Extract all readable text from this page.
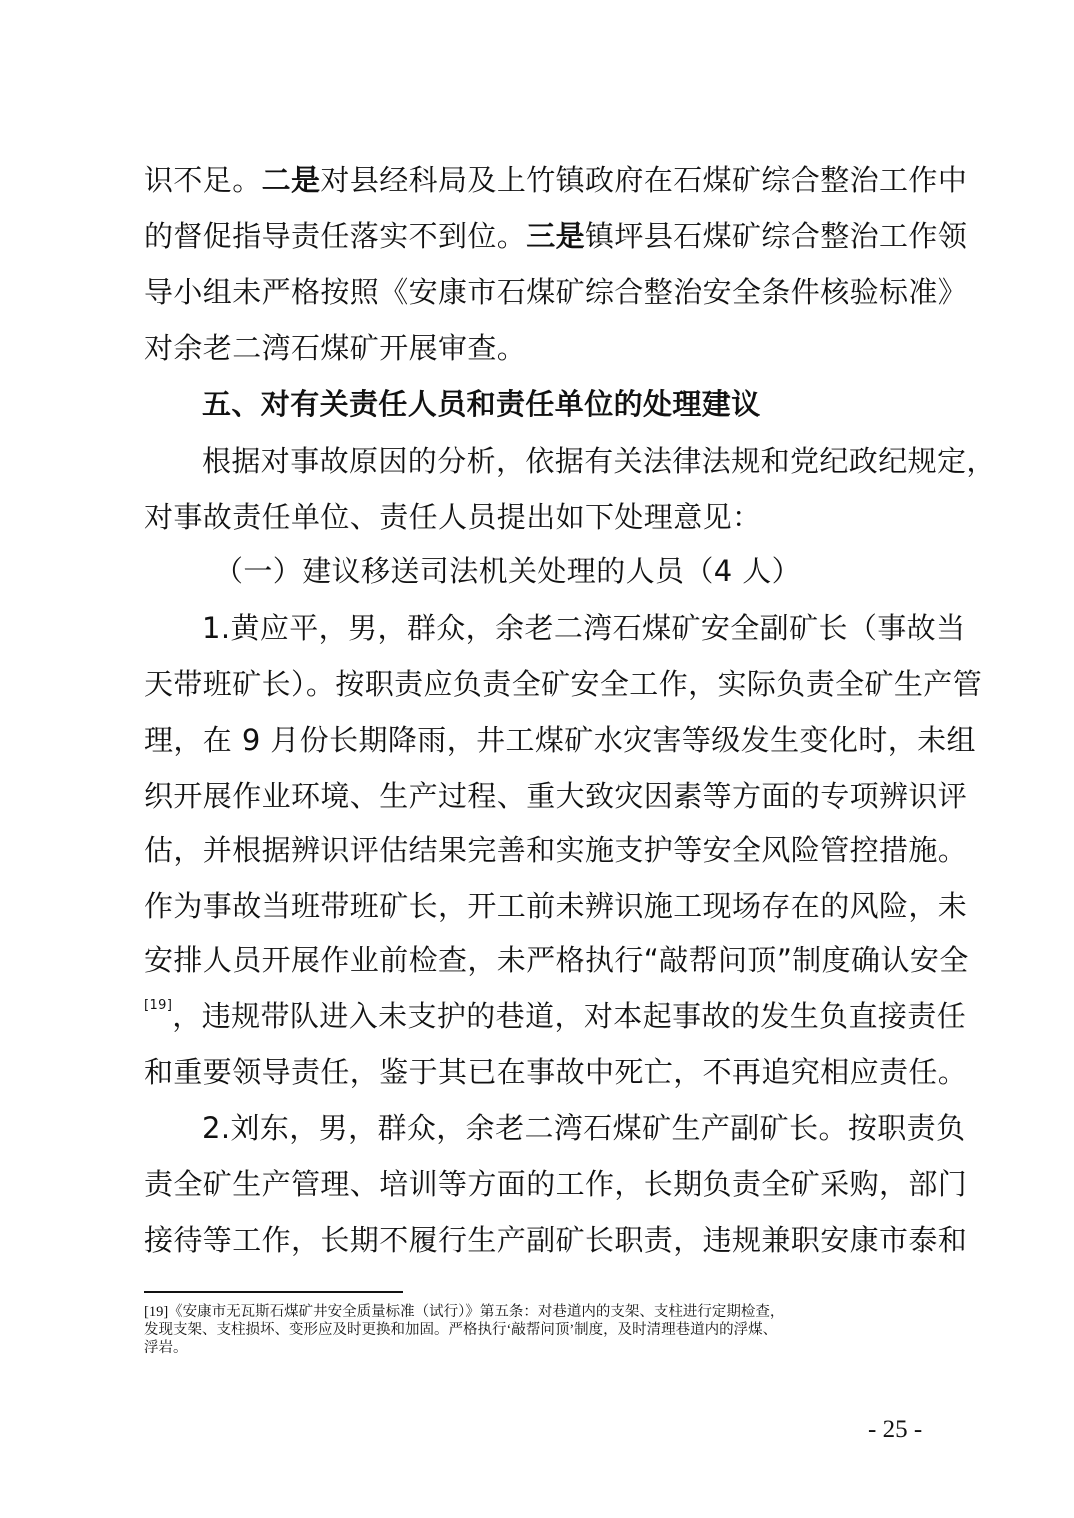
识不足。二是对县经科局及上竹镇政府在石煤矿综合整治工作中
的督促指导责任落实不到位。三是镇坪县石煤矿综合整治工作领
导小组未严格按照《安康市石煤矿综合整治安全条件核验标准》
对余老二湾石煤矿开展审查。
五、对有关责任人员和责任单位的处理建议
根据对事故原因的分析，依据有关法律法规和党纪政纪规定，
对事故责任单位、责任人员提出如下处理意见：
（一）建议移送司法机关处理的人员（4 人）
1.黄应平，男，群众，余老二湾石煤矿安全副矿长（事故当
天带班矿长）。按职责应负责全矿安全工作，实际负责全矿生产管
理，在 9 月份长期降雨，井工煤矿水灾害等级发生变化时，未组
织开展作业环境、生产过程、重大致灾因素等方面的专项辨识评
估，并根据辨识评估结果完善和实施支护等安全风险管控措施。
作为事故当班带班矿长，开工前未辨识施工现场存在的风险，未
安排人员开展作业前检查，未严格执行“敲帮问顶”制度确认安全
[19]，违规带队进入未支护的巷道，对本起事故的发生负直接责任
和重要领导责任，鉴于其已在事故中死亡，不再追究相应责任。
2.刘东，男，群众，余老二湾石煤矿生产副矿长。按职责负
责全矿生产管理、培训等方面的工作，长期负责全矿采购，部门
接待等工作，长期不履行生产副矿长职责，违规兼职安康市泰和
[19]《安康市无瓦斯石煤矿井安全质量标准（试行）》第五条：对巷道内的支架、支柱进行定期检查，
发现支架、支柱损坏、变形应及时更换和加固。严格执行‘敲帮问顶’制度，及时清理巷道内的浮煤、
浮岩。
- 25 -
